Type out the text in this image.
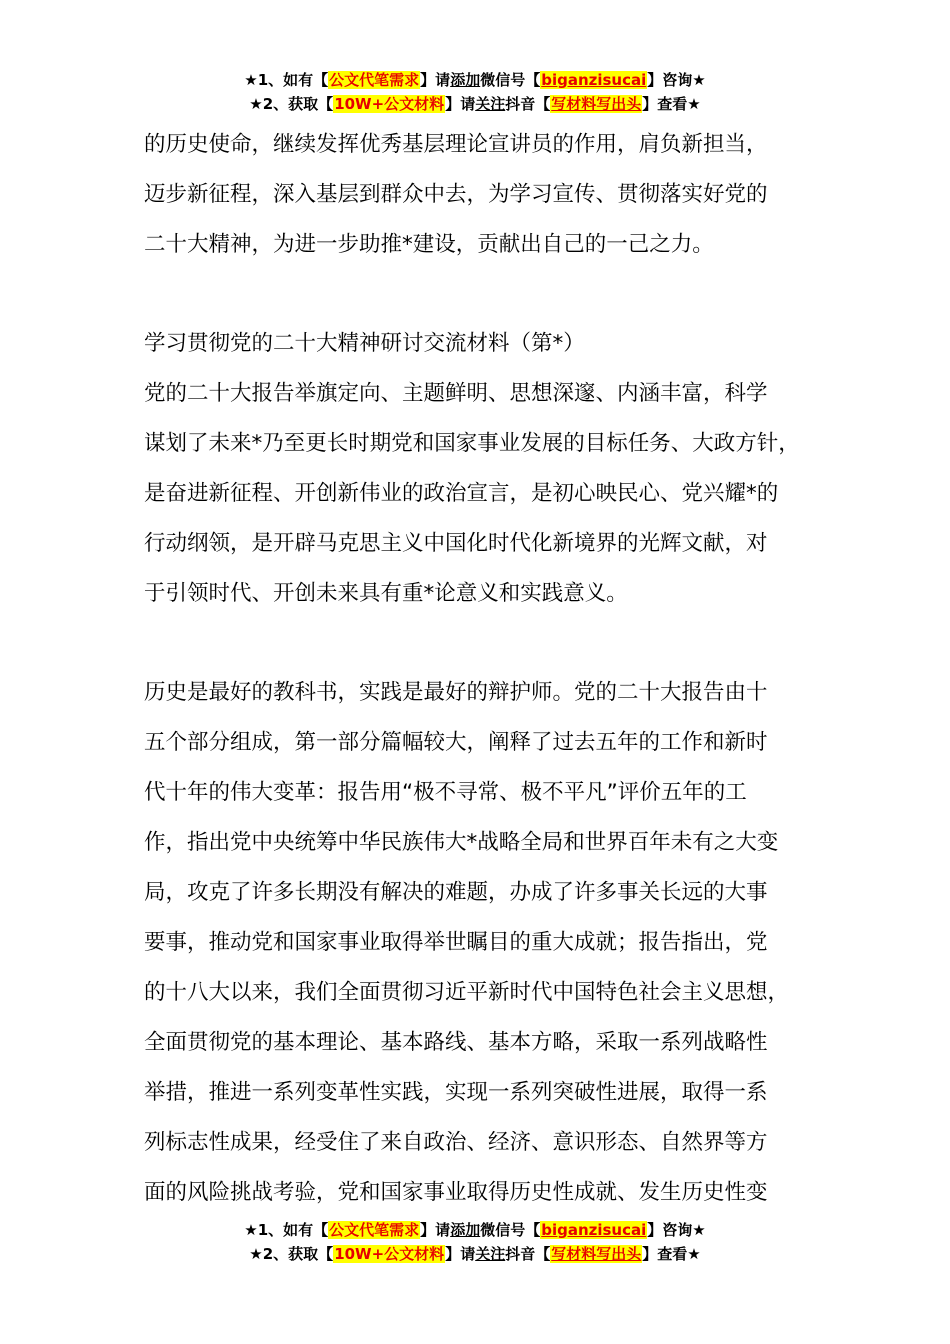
★1、如有【公文代笔需求】请添加微信号【biganzisucai】咨询★
★2、获取【10W+公文材料】请关注抖音【写材料写出头】查看★
的历史使命，继续发挥优秀基层理论宣讲员的作用，肩负新担当，
迈步新征程，深入基层到群众中去，为学习宣传、贯彻落实好党的
二十大精神，为进一步助推*建设，贡献出自己的一己之力。
学习贯彻党的二十大精神研讨交流材料（第*）
党的二十大报告举旗定向、主题鲜明、思想深邃、内涵丰富，科学
谋划了未来*乃至更长时期党和国家事业发展的目标任务、大政方针，
是奋进新征程、开创新伟业的政治宣言，是初心映民心、党兴耀*的
行动纲领，是开辟马克思主义中国化时代化新境界的光辉文献，对
于引领时代、开创未来具有重*论意义和实践意义。
历史是最好的教科书，实践是最好的辩护师。党的二十大报告由十
五个部分组成，第一部分篇幅较大，阐释了过去五年的工作和新时
代十年的伟大变革：报告用“极不寻常、极不平凡”评价五年的工
作，指出党中央统筹中华民族伟大*战略全局和世界百年未有之大变
局，攻克了许多长期没有解决的难题，办成了许多事关长远的大事
要事，推动党和国家事业取得举世瞩目的重大成就；报告指出，党
的十八大以来，我们全面贯彻习近平新时代中国特色社会主义思想，
全面贯彻党的基本理论、基本路线、基本方略，采取一系列战略性
举措，推进一系列变革性实践，实现一系列突破性进展，取得一系
列标志性成果，经受住了来自政治、经济、意识形态、自然界等方
面的风险挑战考验，党和国家事业取得历史性成就、发生历史性变
★1、如有【公文代笔需求】请添加微信号【biganzisucai】咨询★
★2、获取【10W+公文材料】请关注抖音【写材料写出头】查看★
